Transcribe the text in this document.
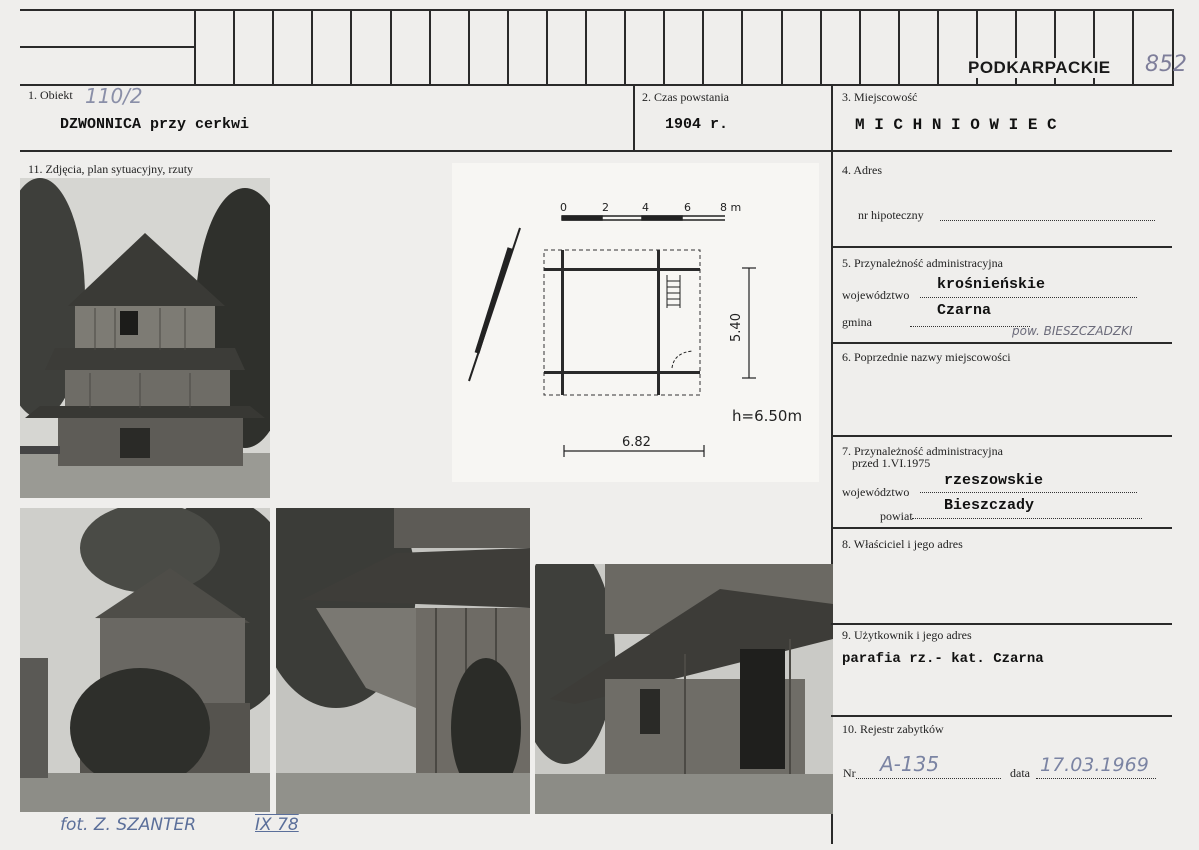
PODKARPACKIE 852
1. Obiekt 110/2
DZWONNICA przy cerkwi
2. Czas powstania
1904 r.
3. Miejscowość
M I C H N I O W I E C
11. Zdjęcia, plan sytuacyjny, rzuty
0	2	4	6	8 m
5.40
6.82
h=6.50m
fot. Z. SZANTER	IX 78
4. Adres
nr hipoteczny
5. Przynależność administracyjna
województwo
krośnieńskie
gmina
Czarna
pow. BIESZCZADZKI
6. Poprzednie nazwy miejscowości
7. Przynależność administracyjna
przed 1.VI.1975
województwo
rzeszowskie
powiat
Bieszczady
8. Właściciel i jego adres
9. Użytkownik i jego adres
parafia rz.- kat. Czarna
10. Rejestr zabytków
Nr A-135	data 17.03.1969
